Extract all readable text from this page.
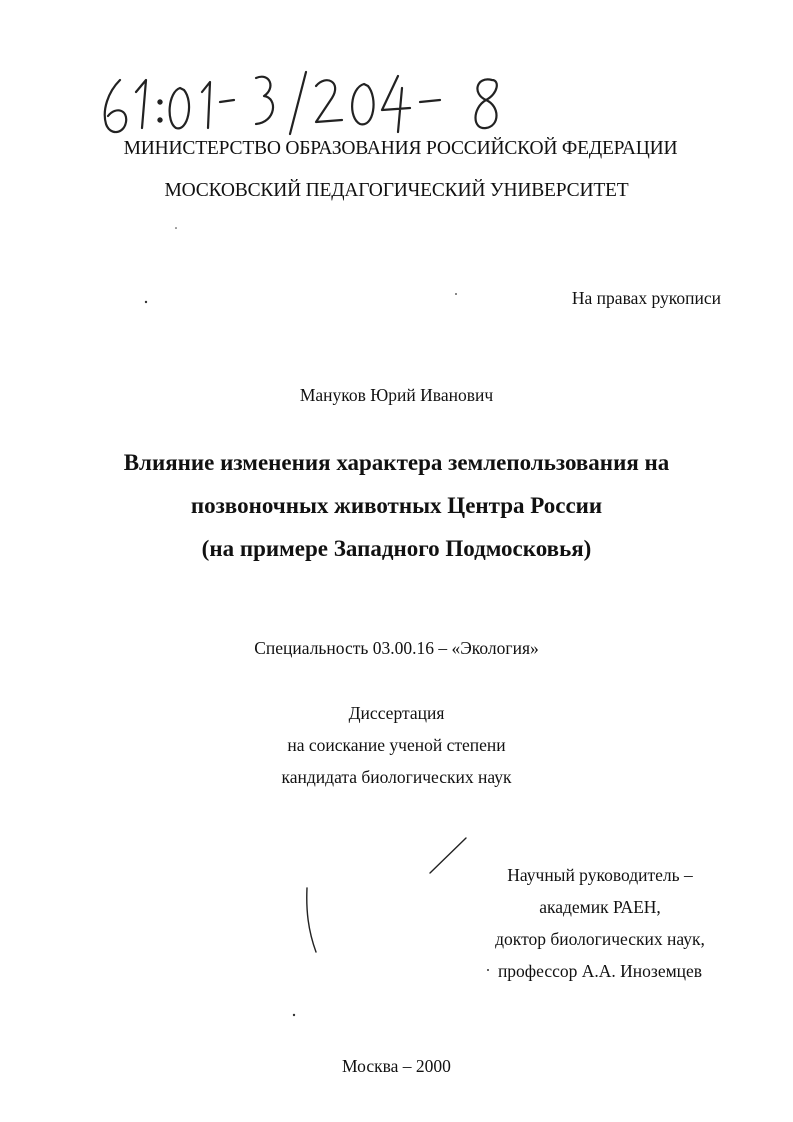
МИНИСТЕРСТВО ОБРАЗОВАНИЯ РОССИЙСКОЙ ФЕДЕРАЦИИ
МОСКОВСКИЙ ПЕДАГОГИЧЕСКИЙ УНИВЕРСИТЕТ
На правах рукописи
Мануков Юрий Иванович
Влияние изменения характера землепользования на
позвоночных животных Центра России
(на примере Западного Подмосковья)
Специальность 03.00.16 – «Экология»
Диссертация
на соискание ученой степени
кандидата биологических наук
Научный руководитель –
академик РАЕН,
доктор биологических наук,
профессор А.А. Иноземцев
Москва – 2000
